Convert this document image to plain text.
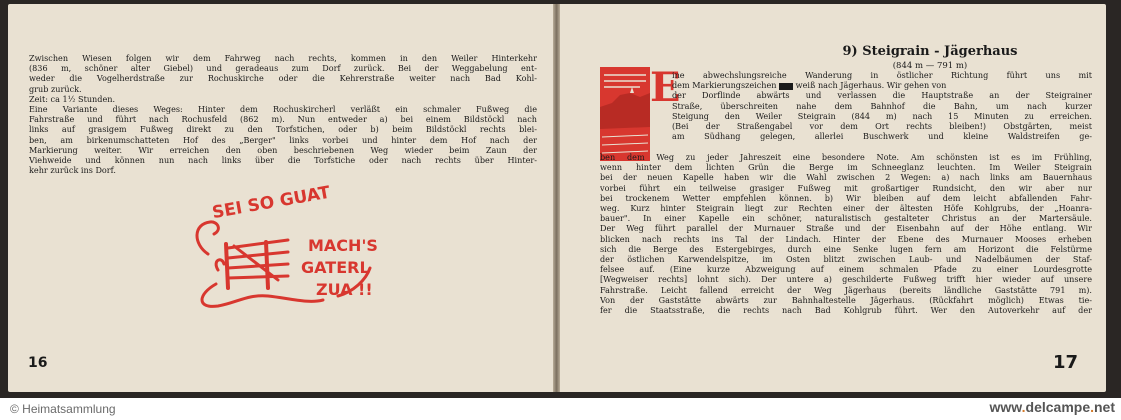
Zwischen Wiesen folgen wir dem Fahrweg nach rechts, kommen in den Weiler Hinterkehr
(836 m, schöner alter Giebel) und geradeaus zum Dorf zurück. Bei der Weggabelung ent-
weder die Vogelherdstraße zur Rochuskirche oder die Kehrerstraße weiter nach Bad Kohl-
grub zurück.
Zeit: ca 1½ Stunden.
Eine Variante dieses Weges: Hinter dem Rochuskircherl verläßt ein schmaler Fußweg die
Fahrstraße und führt nach Rochusfeld (862 m). Nun entweder a) bei einem Bildstöckl nach
links auf grasigem Fußweg direkt zu den Torfstichen, oder b) beim Bildstöckl rechts blei-
ben, am birkenumschatteten Hof des „Berger" links vorbei und hinter dem Hof nach der
Markierung weiter. Wir erreichen den oben beschriebenen Weg wieder beim Zaun der
Viehweide und können nun nach links über die Torfstiche oder nach rechts über Hinter-
kehr zurück ins Dorf.
SEI SO GUAT
MACH'S
GATERL
ZUA !!
16
9) Steigrain - Jägerhaus
(844 m — 791 m)
E
ine abwechslungsreiche Wanderung in östlicher Richtung führt uns mit
dem Markierungszeichen  weiß nach Jägerhaus. Wir gehen von
der Dorflinde abwärts und verlassen die Hauptstraße an der Steigrainer
Straße, überschreiten nahe dem Bahnhof die Bahn, um nach kurzer
Steigung den Weiler Steigrain (844 m) nach 15 Minuten zu erreichen.
(Bei der Straßengabel vor dem Ort rechts bleiben!) Obstgärten, meist
am Südhang gelegen, allerlei Buschwerk und kleine Waldstreifen ge-
ben dem Weg zu jeder Jahreszeit eine besondere Note. Am schönsten ist es im Frühling,
wenn hinter dem lichten Grün die Berge im Schneeglanz leuchten. Im Weiler Steigrain
bei der neuen Kapelle haben wir die Wahl zwischen 2 Wegen: a) nach links am Bauernhaus
vorbei führt ein teilweise grasiger Fußweg mit großartiger Rundsicht, den wir aber nur
bei trockenem Wetter empfehlen können. b) Wir bleiben auf dem leicht abfallenden Fahr-
weg. Kurz hinter Steigrain liegt zur Rechten einer der ältesten Höfe Kohlgrubs, der „Hoanra-
bauer". In einer Kapelle ein schöner, naturalistisch gestalteter Christus an der Martersäule.
Der Weg führt parallel der Murnauer Straße und der Eisenbahn auf der Höhe entlang. Wir
blicken nach rechts ins Tal der Lindach. Hinter der Ebene des Murnauer Mooses erheben
sich die Berge des Estergebirges, durch eine Senke lugen fern am Horizont die Felstürme
der östlichen Karwendelspitze, im Osten blitzt zwischen Laub- und Nadelbäumen der Staf-
felsee auf. (Eine kurze Abzweigung auf einem schmalen Pfade zu einer Lourdesgrotte
[Wegweiser rechts] lohnt sich). Der untere a) geschilderte Fußweg trifft hier wieder auf unsere
Fahrstraße. Leicht fallend erreicht der Weg Jägerhaus (bereits ländliche Gaststätte 791 m).
Von der Gaststätte abwärts zur Bahnhaltestelle Jägerhaus. (Rückfahrt möglich) Etwas tie-
fer die Staatsstraße, die rechts nach Bad Kohlgrub führt. Wer den Autoverkehr auf der
17
© Heimatsammlung	www.delcampe.net
